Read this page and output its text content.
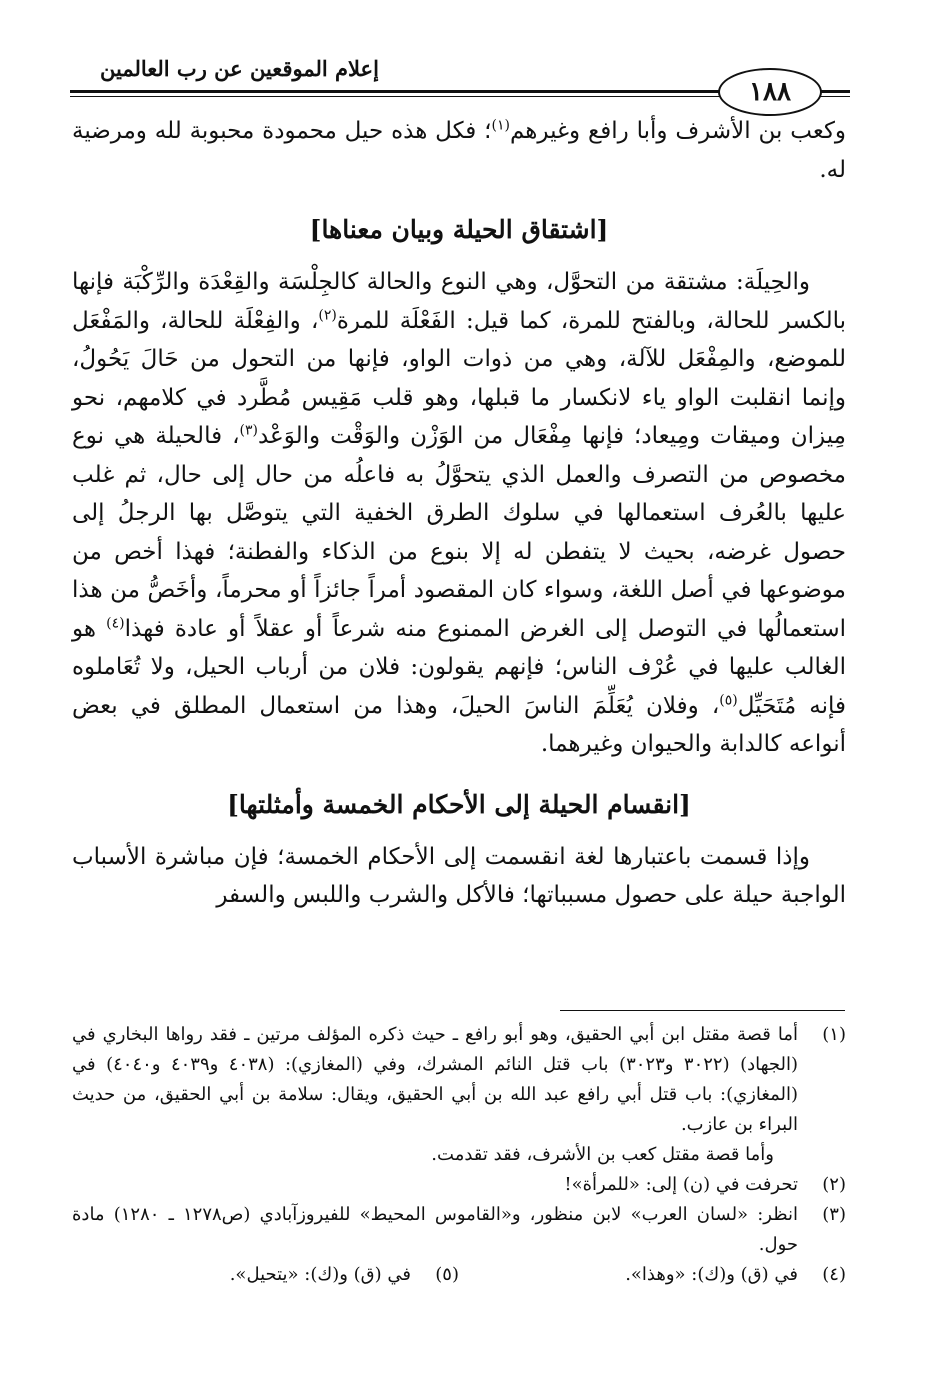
إعلام الموقعين عن رب العالمين
١٨٨

وكعب بن الأشرف وأبا رافع وغيرهم$^{(١)}$؛ فكل هذه حيل محمودة محبوبة لله ومرضية له.

[اشتقاق الحيلة وبيان معناها]

والحِيلَة: مشتقة من التحوَّل، وهي النوع والحالة كالجِلْسَة والقِعْدَة والرِّكْبَة فإنها بالكسر للحالة، وبالفتح للمرة، كما قيل: الفَعْلَة للمرة$^{(٢)}$، والفِعْلَة للحالة، والمَفْعَل للموضع، والمِفْعَل للآلة، وهي من ذوات الواو، فإنها من التحول من حَالَ يَحُولُ، وإنما انقلبت الواو ياء لانكسار ما قبلها، وهو قلب مَقِيس مُطَّرد في كلامهم، نحو مِيزان وميقات ومِيعاد؛ فإنها مِفْعَال من الوَزْن والوَقْت والوَعْد$^{(٣)}$، فالحيلة هي نوع مخصوص من التصرف والعمل الذي يتحوَّلُ به فاعلُه من حال إلى حال، ثم غلب عليها بالعُرف استعمالها في سلوك الطرق الخفية التي يتوصَّل بها الرجلُ إلى حصول غرضه، بحيث لا يتفطن له إلا بنوع من الذكاء والفطنة؛ فهذا أخص من موضوعها في أصل اللغة، وسواء كان المقصود أمراً جائزاً أو محرماً، وأخَصُّ من هذا استعمالُها في التوصل إلى الغرض الممنوع منه شرعاً أو عقلاً أو عادة فهذا$^{(٤)}$ هو الغالب عليها في عُرْف الناس؛ فإنهم يقولون: فلان من أرباب الحيل، ولا تُعَاملوه فإنه مُتَحَيِّل$^{(٥)}$، وفلان يُعَلِّمَ الناسَ الحيلَ، وهذا من استعمال المطلق في بعض أنواعه كالدابة والحيوان وغيرهما.

[انقسام الحيلة إلى الأحكام الخمسة وأمثلتها]

وإذا قسمت باعتبارها لغة انقسمت إلى الأحكام الخمسة؛ فإن مباشرة الأسباب الواجبة حيلة على حصول مسبباتها؛ فالأكل والشرب واللبس والسفر

(١)
أما قصة مقتل ابن أبي الحقيق، وهو أبو رافع ـ حيث ذكره المؤلف مرتين ـ فقد رواها البخاري في (الجهاد) (٣٠٢٢ و٣٠٢٣) باب قتل النائم المشرك، وفي (المغازي): (٤٠٣٨ و٤٠٣٩ و٤٠٤٠) في (المغازي): باب قتل أبي رافع عبد الله بن أبي الحقيق، ويقال: سلامة بن أبي الحقيق، من حديث البراء بن عازب.
وأما قصة مقتل كعب بن الأشرف، فقد تقدمت.
(٢)
تحرفت في (ن) إلى: «للمرأة»!
(٣)
انظر: «لسان العرب» لابن منظور، و«القاموس المحيط» للفيروزآبادي (ص١٢٧٨ ـ ١٢٨٠) مادة حول.
(٤)
في (ق) و(ك): «وهذا».
(٥)
في (ق) و(ك): «يتحيل».
